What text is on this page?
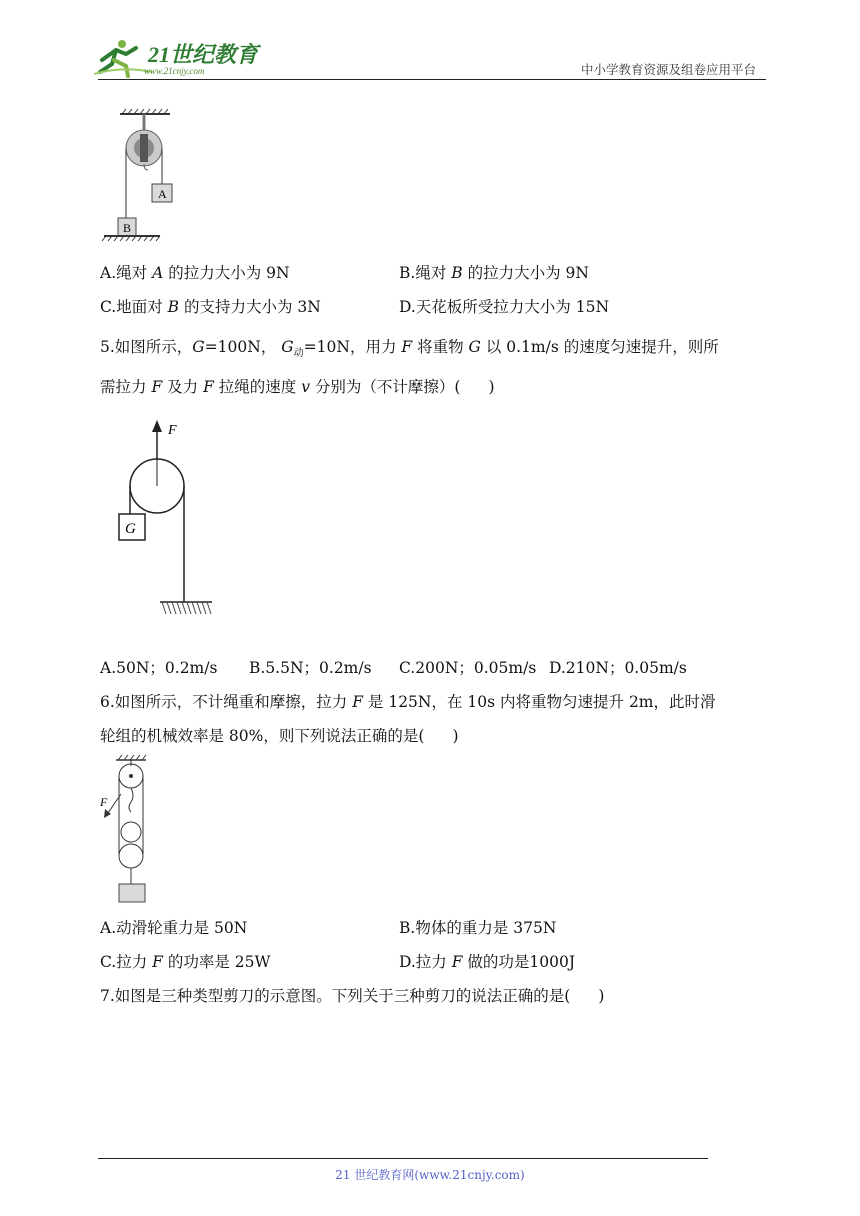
21世纪教育
www.21cnjy.com	中小学教育资源及组卷应用平台
A
B
A.绳对 A 的拉力大小为 9N	B.绳对 B 的拉力大小为 9N
C.地面对 B 的支持力大小为 3N	D.天花板所受拉力大小为 15N
5.如图所示，G=100N， $G_动=10N$，用力 F 将重物 G 以 0.1m/s 的速度匀速提升，则所
需拉力 F 及力 F 拉绳的速度 v 分别为（不计摩擦）( )
F
G
A.50N；0.2m/s B.5.5N；0.2m/s C.200N；0.05m/s D.210N；0.05m/s
6.如图所示，不计绳重和摩擦，拉力 F 是 125N，在 10s 内将重物匀速提升 2m，此时滑
轮组的机械效率是 80%，则下列说法正确的是( )
F
A.动滑轮重力是 50N	B.物体的重力是 375N
C.拉力 F 的功率是 25W	D.拉力 F 做的功是1000J
7.如图是三种类型剪刀的示意图。下列关于三种剪刀的说法正确的是( )
21 世纪教育网(www.21cnjy.com)
